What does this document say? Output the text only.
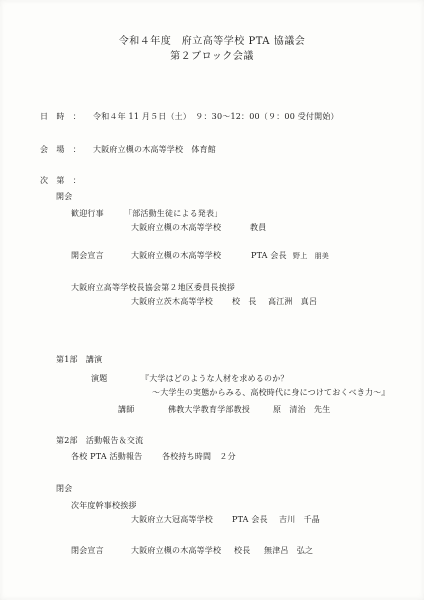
令和４年度　府立高等学校 PTA 協議会
第２ブロック会議
日　時　： 令和４年 11 月５日（土）　９：30〜12：00（９：00 受付開始）
会　場　： 大阪府立槻の木高等学校　体育館
次　第　：
開会
歓迎行事	「部活動生徒による発表」
大阪府立槻の木高等学校	教員
開会宣言	大阪府立槻の木高等学校	PTA 会長 野上　朋美
大阪府立高等学校長協会第２地区委員長挨拶
大阪府立茨木高等学校 校　長 高江洲　真呂
第1部　講演
演題	『大学はどのような人材を求めるのか？
〜大学生の実態からみる、高校時代に身につけておくべき力〜』
講師	佛教大学教育学部教授	原　清治　先生
第2部　活動報告＆交流
各校 PTA 活動報告 各校持ち時間　２分
閉会
次年度幹事校挨拶
大阪府立大冠高等学校 PTA 会長 吉川　千晶
閉会宣言	大阪府立槻の木高等学校 校長 無津呂　弘之
